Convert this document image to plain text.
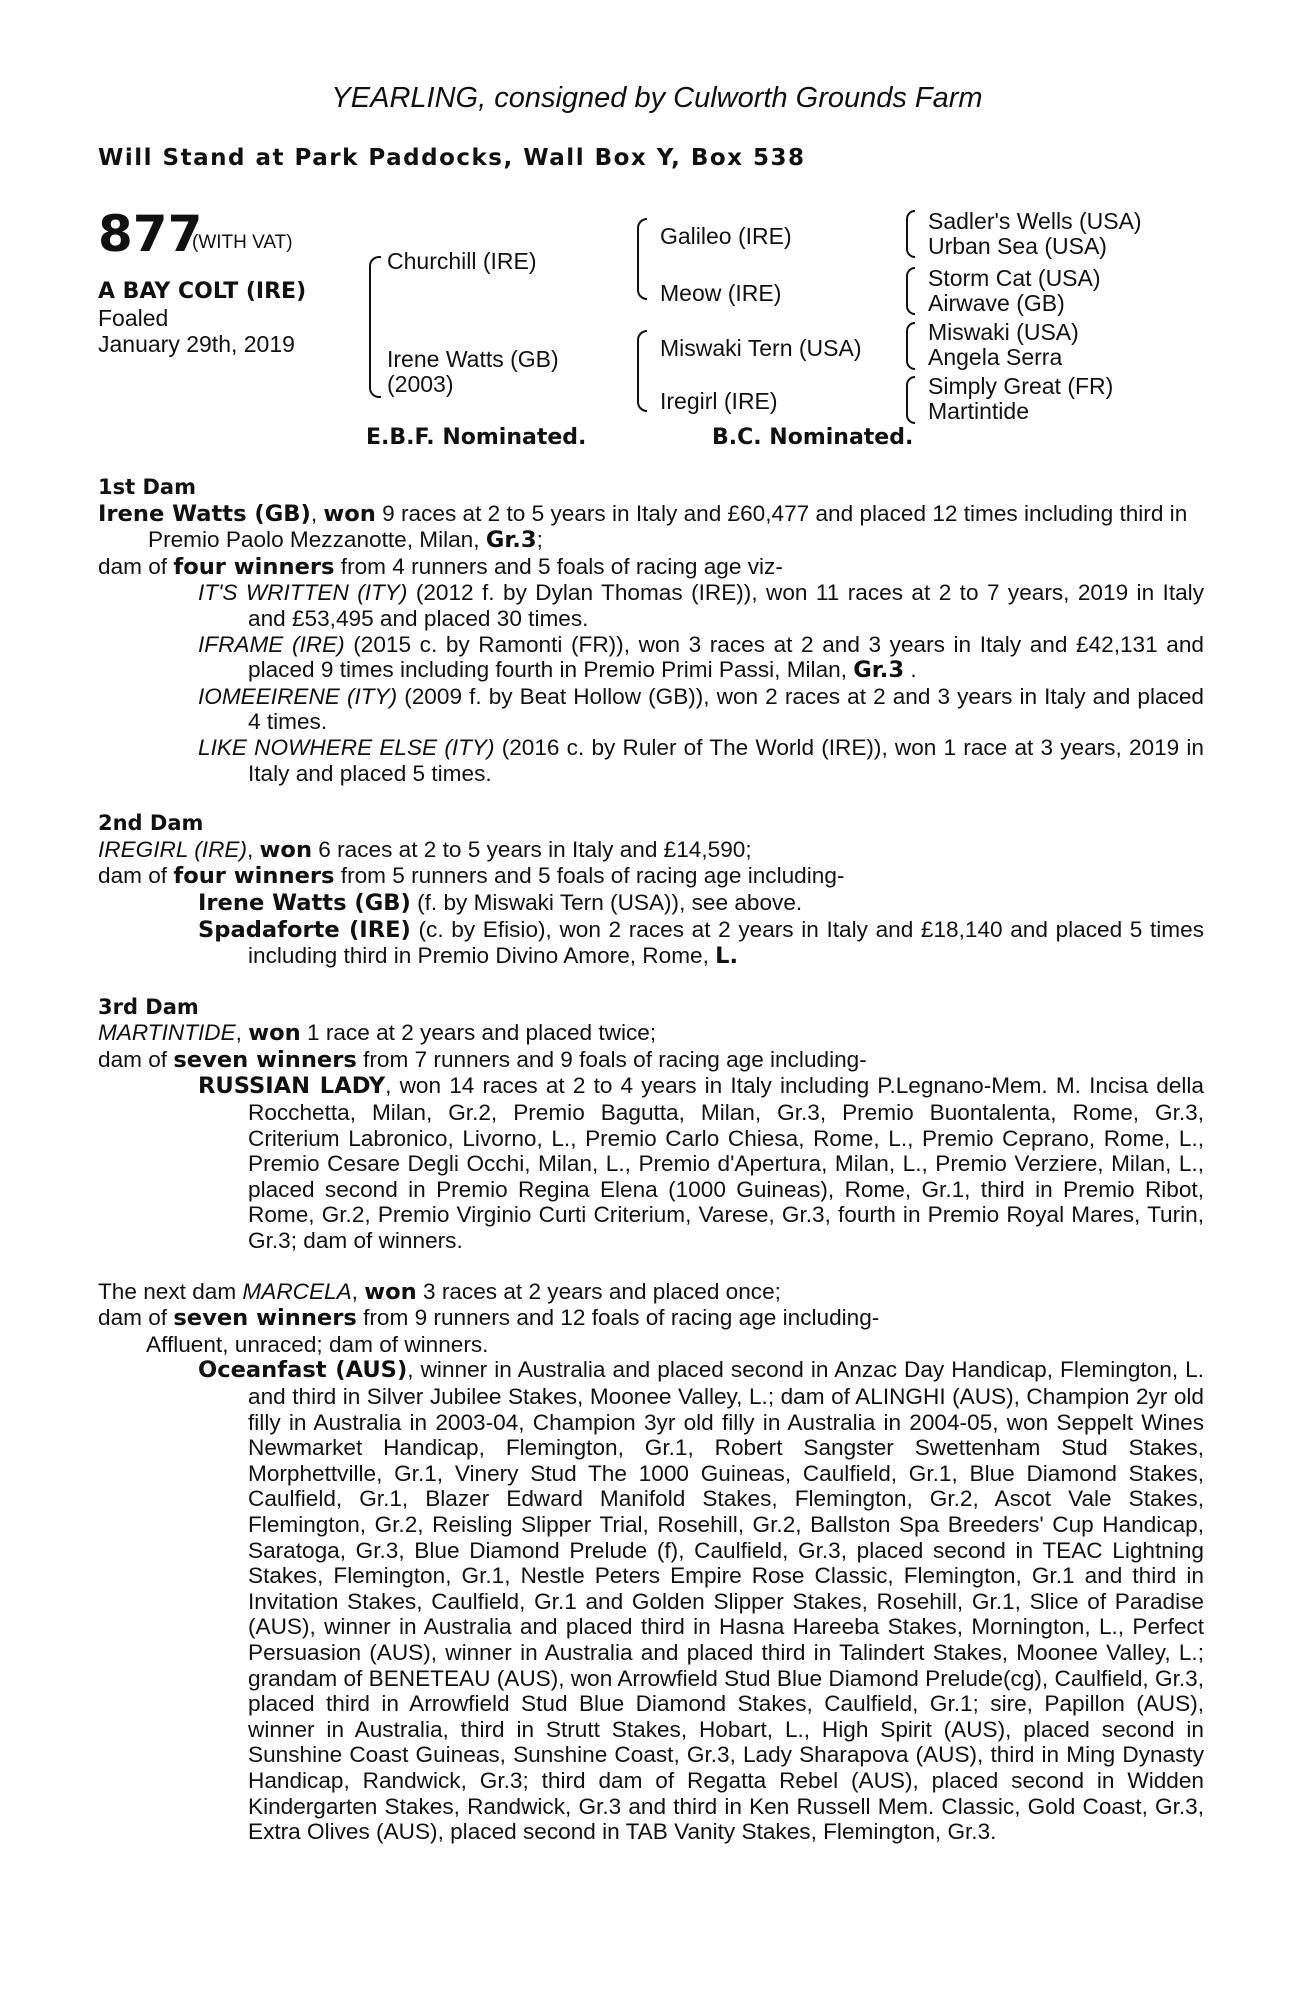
YEARLING, consigned by Culworth Grounds Farm
Will Stand at Park Paddocks, Wall Box Y, Box 538
877
(WITH VAT)
A BAY COLT (IRE)
Foaled
January 29th, 2019
Churchill (IRE)
Irene Watts (GB)
(2003)
Galileo (IRE)
Meow (IRE)
Miswaki Tern (USA)
Iregirl (IRE)
Sadler's Wells (USA)
Urban Sea (USA)
Storm Cat (USA)
Airwave (GB)
Miswaki (USA)
Angela Serra
Simply Great (FR)
Martintide
E.B.F. Nominated.	B.C. Nominated.

1st Dam

Irene Watts (GB), won 9 races at 2 to 5 years in Italy and £60,477 and placed 12 times including third in Premio Paolo Mezzanotte, Milan, Gr.3;

dam of four winners from 4 runners and 5 foals of racing age viz-

IT'S WRITTEN (ITY) (2012 f. by Dylan Thomas (IRE)), won 11 races at 2 to 7 years, 2019 in Italy and £53,495 and placed 30 times.

IFRAME (IRE) (2015 c. by Ramonti (FR)), won 3 races at 2 and 3 years in Italy and £42,131 and placed 9 times including fourth in Premio Primi Passi, Milan, Gr.3 .

IOMEEIRENE (ITY) (2009 f. by Beat Hollow (GB)), won 2 races at 2 and 3 years in Italy and placed 4 times.

LIKE NOWHERE ELSE (ITY) (2016 c. by Ruler of The World (IRE)), won 1 race at 3 years, 2019 in Italy and placed 5 times.

2nd Dam

IREGIRL (IRE), won 6 races at 2 to 5 years in Italy and £14,590;

dam of four winners from 5 runners and 5 foals of racing age including-

Irene Watts (GB) (f. by Miswaki Tern (USA)), see above.

Spadaforte (IRE) (c. by Efisio), won 2 races at 2 years in Italy and £18,140 and placed 5 times including third in Premio Divino Amore, Rome, L.

3rd Dam

MARTINTIDE, won 1 race at 2 years and placed twice;

dam of seven winners from 7 runners and 9 foals of racing age including-

RUSSIAN LADY, won 14 races at 2 to 4 years in Italy including P.Legnano-Mem. M. Incisa della Rocchetta, Milan, Gr.2, Premio Bagutta, Milan, Gr.3, Premio Buontalenta, Rome, Gr.3, Criterium Labronico, Livorno, L., Premio Carlo Chiesa, Rome, L., Premio Ceprano, Rome, L., Premio Cesare Degli Occhi, Milan, L., Premio d'Apertura, Milan, L., Premio Verziere, Milan, L., placed second in Premio Regina Elena (1000 Guineas), Rome, Gr.1, third in Premio Ribot, Rome, Gr.2, Premio Virginio Curti Criterium, Varese, Gr.3, fourth in Premio Royal Mares, Turin, Gr.3; dam of winners.

The next dam MARCELA, won 3 races at 2 years and placed once;

dam of seven winners from 9 runners and 12 foals of racing age including-

Affluent, unraced; dam of winners.

Oceanfast (AUS), winner in Australia and placed second in Anzac Day Handicap, Flemington, L. and third in Silver Jubilee Stakes, Moonee Valley, L.; dam of ALINGHI (AUS), Champion 2yr old filly in Australia in 2003-04, Champion 3yr old filly in Australia in 2004-05, won Seppelt Wines Newmarket Handicap, Flemington, Gr.1, Robert Sangster Swettenham Stud Stakes, Morphettville, Gr.1, Vinery Stud The 1000 Guineas, Caulfield, Gr.1, Blue Diamond Stakes, Caulfield, Gr.1, Blazer Edward Manifold Stakes, Flemington, Gr.2, Ascot Vale Stakes, Flemington, Gr.2, Reisling Slipper Trial, Rosehill, Gr.2, Ballston Spa Breeders' Cup Handicap, Saratoga, Gr.3, Blue Diamond Prelude (f), Caulfield, Gr.3, placed second in TEAC Lightning Stakes, Flemington, Gr.1, Nestle Peters Empire Rose Classic, Flemington, Gr.1 and third in Invitation Stakes, Caulfield, Gr.1 and Golden Slipper Stakes, Rosehill, Gr.1, Slice of Paradise (AUS), winner in Australia and placed third in Hasna Hareeba Stakes, Mornington, L., Perfect Persuasion (AUS), winner in Australia and placed third in Talindert Stakes, Moonee Valley, L.; grandam of BENETEAU (AUS), won Arrowfield Stud Blue Diamond Prelude(cg), Caulfield, Gr.3, placed third in Arrowfield Stud Blue Diamond Stakes, Caulfield, Gr.1; sire, Papillon (AUS), winner in Australia, third in Strutt Stakes, Hobart, L., High Spirit (AUS), placed second in Sunshine Coast Guineas, Sunshine Coast, Gr.3, Lady Sharapova (AUS), third in Ming Dynasty Handicap, Randwick, Gr.3; third dam of Regatta Rebel (AUS), placed second in Widden Kindergarten Stakes, Randwick, Gr.3 and third in Ken Russell Mem. Classic, Gold Coast, Gr.3, Extra Olives (AUS), placed second in TAB Vanity Stakes, Flemington, Gr.3.
